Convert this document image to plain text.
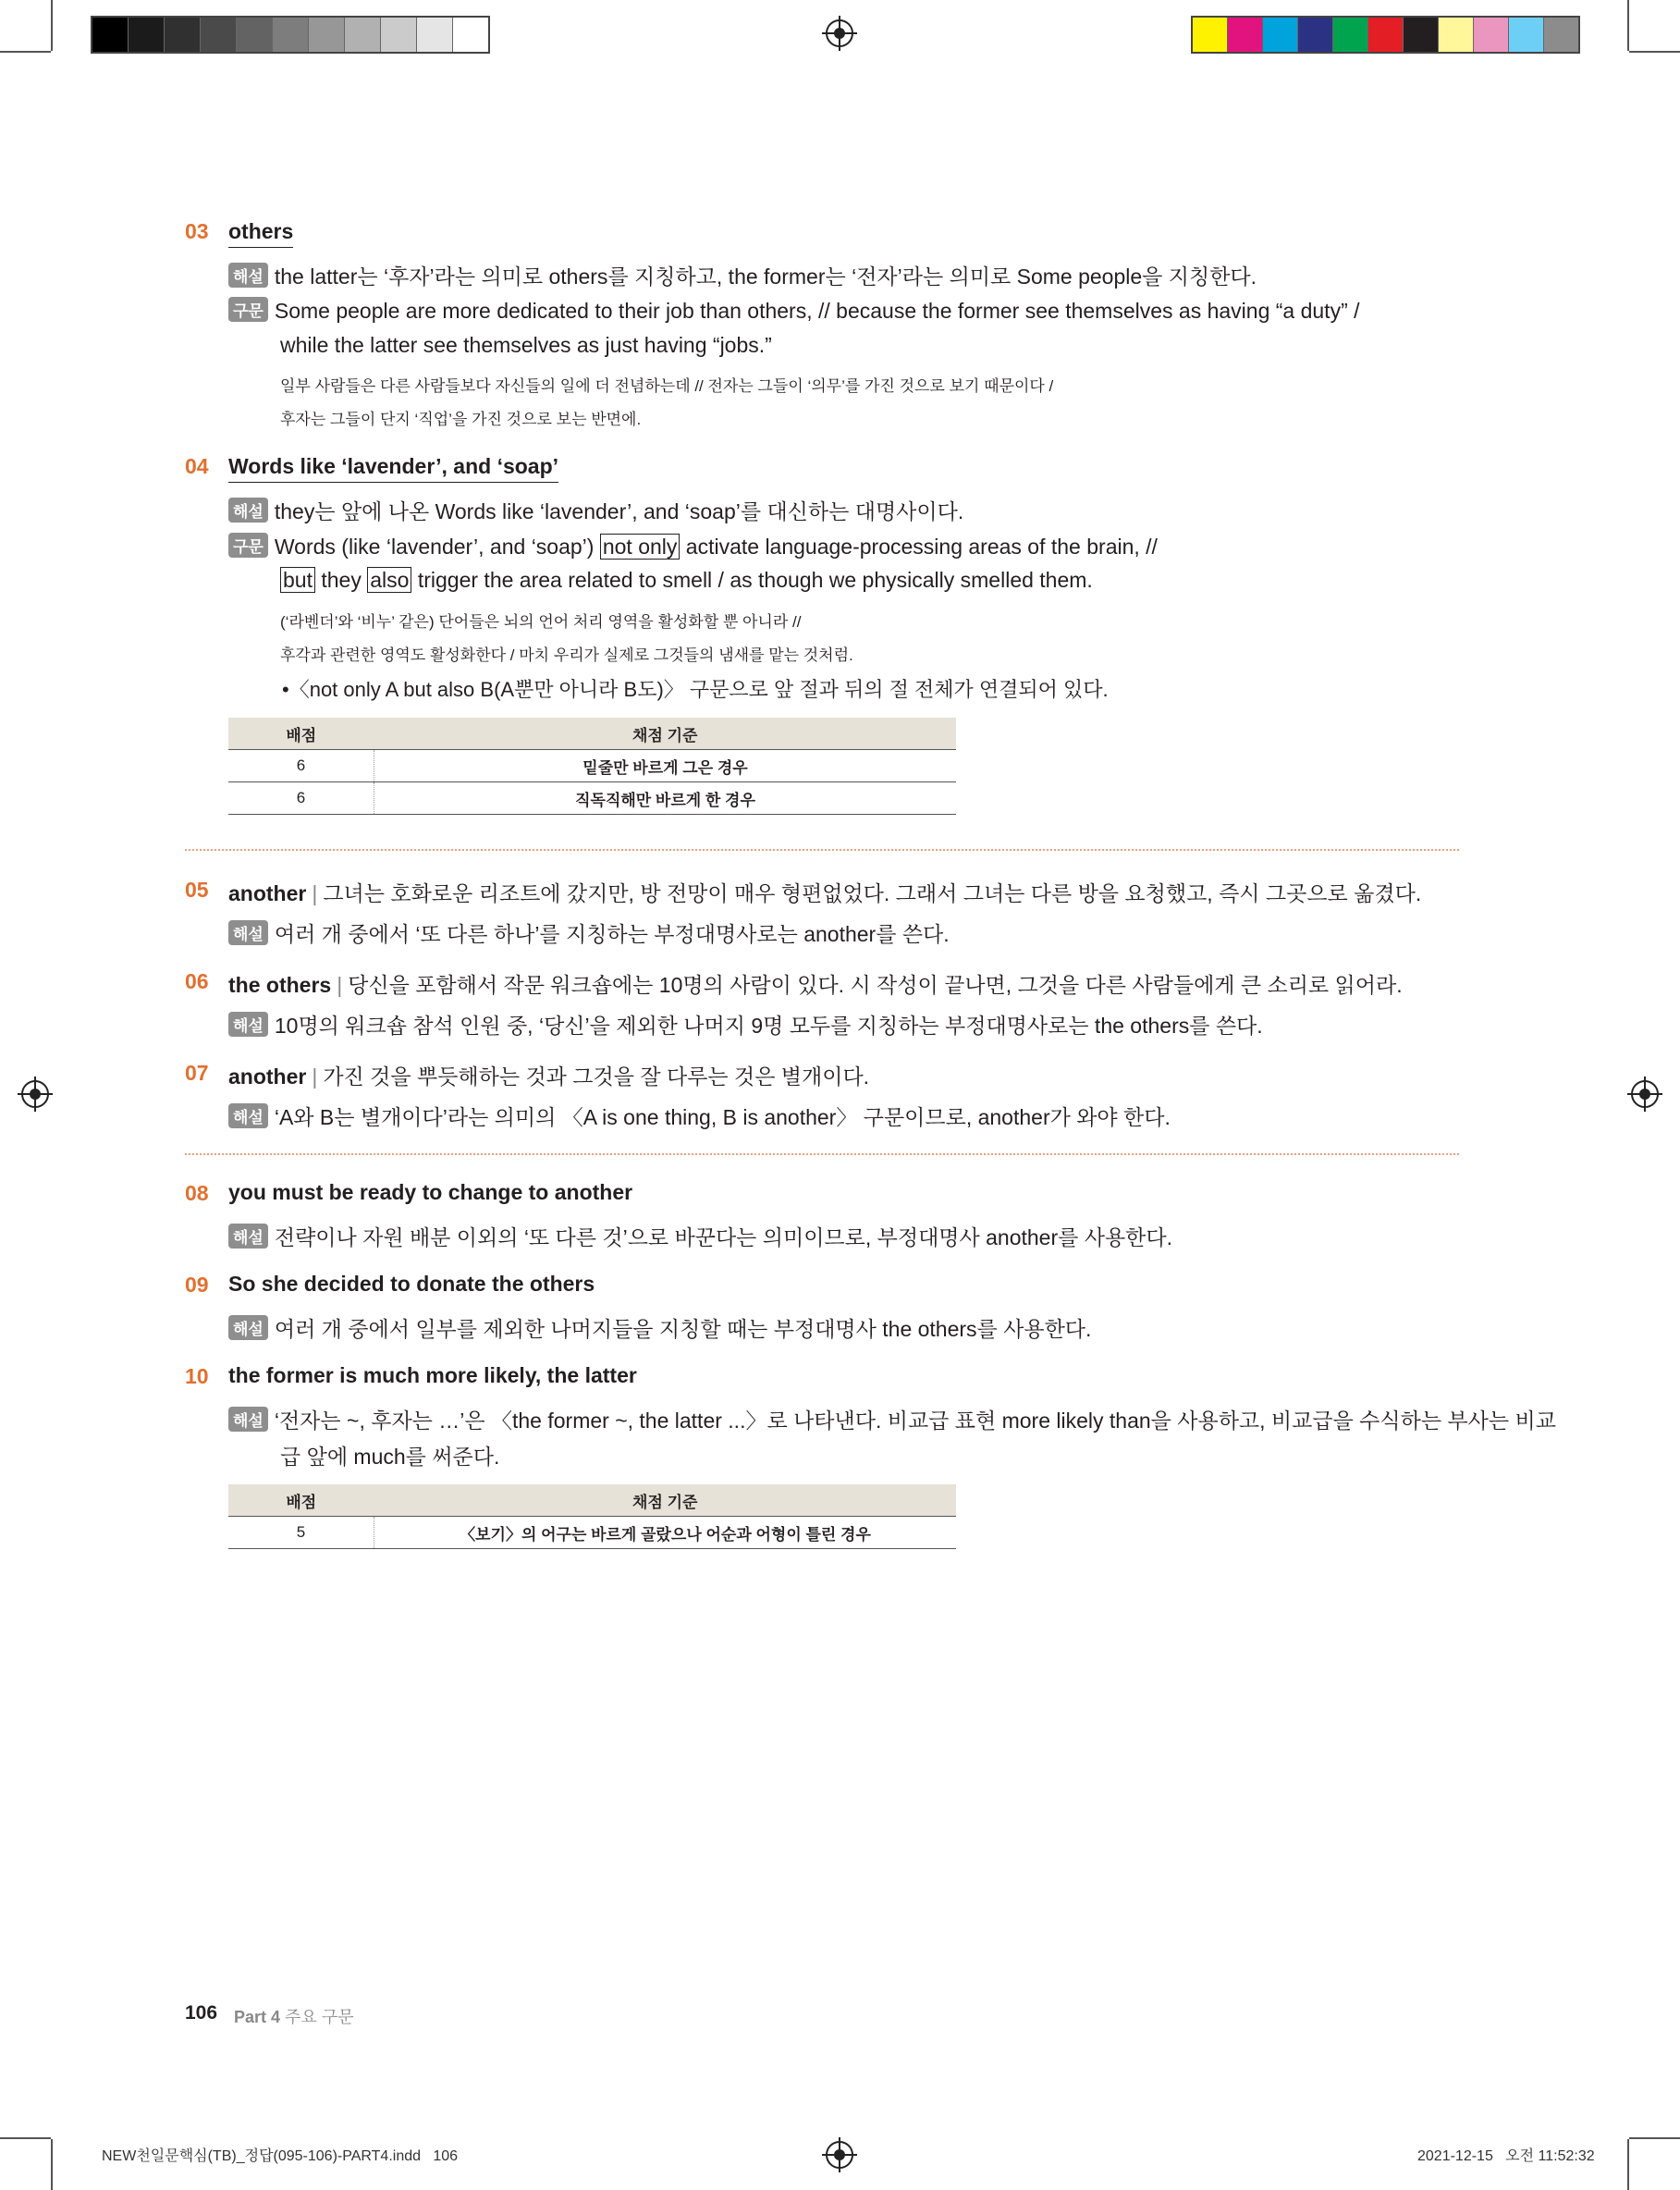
03 others
해설 the latter는 ‘후자’라는 의미로 others를 지칭하고, the former는 ‘전자’라는 의미로 Some people을 지칭한다.
구문 Some people are more dedicated to their job than others, // because the former see themselves as having “a duty” /
while the latter see themselves as just having “jobs.”
일부 사람들은 다른 사람들보다 자신들의 일에 더 전념하는데 // 전자는 그들이 ‘의무’를 가진 것으로 보기 때문이다 /
후자는 그들이 단지 ‘직업’을 가진 것으로 보는 반면에.
04 Words like ‘lavender’, and ‘soap’
해설 they는 앞에 나온 Words like ‘lavender’, and ‘soap’를 대신하는 대명사이다.
구문 Words (like ‘lavender’, and ‘soap’) not only activate language-processing areas of the brain, //
but they also trigger the area related to smell / as though we physically smelled them.
(‘라벤더’와 ‘비누’ 같은) 단어들은 뇌의 언어 처리 영역을 활성화할 뿐 아니라 //
후각과 관련한 영역도 활성화한다 / 마치 우리가 실제로 그것들의 냄새를 맡는 것처럼.
•〈not only A but also B(A뿐만 아니라 B도)〉 구문으로 앞 절과 뒤의 절 전체가 연결되어 있다.
배점	채점 기준
6	밑줄만 바르게 그은 경우
6	직독직해만 바르게 한 경우
05 another | 그녀는 호화로운 리조트에 갔지만, 방 전망이 매우 형편없었다. 그래서 그녀는 다른 방을 요청했고, 즉시 그곳으로 옮겼다.
해설 여러 개 중에서 ‘또 다른 하나’를 지칭하는 부정대명사로는 another를 쓴다.
06 the others | 당신을 포함해서 작문 워크숍에는 10명의 사람이 있다. 시 작성이 끝나면, 그것을 다른 사람들에게 큰 소리로 읽어라.
해설 10명의 워크숍 참석 인원 중, ‘당신’을 제외한 나머지 9명 모두를 지칭하는 부정대명사로는 the others를 쓴다.
07 another | 가진 것을 뿌듯해하는 것과 그것을 잘 다루는 것은 별개이다.
해설 ‘A와 B는 별개이다’라는 의미의 〈A is one thing, B is another〉 구문이므로, another가 와야 한다.
08 you must be ready to change to another
해설 전략이나 자원 배분 이외의 ‘또 다른 것’으로 바꾼다는 의미이므로, 부정대명사 another를 사용한다.
09 So she decided to donate the others
해설 여러 개 중에서 일부를 제외한 나머지들을 지칭할 때는 부정대명사 the others를 사용한다.
10 the former is much more likely, the latter
해설 ‘전자는 ~, 후자는 …’은 〈the former ~, the latter ...〉로 나타낸다. 비교급 표현 more likely than을 사용하고, 비교급을 수식하는 부사는 비교
급 앞에 much를 써준다.
배점	채점 기준
5	〈보기〉의 어구는 바르게 골랐으나 어순과 어형이 틀린 경우
106 Part 4 주요 구문
NEW천일문핵심(TB)_정답(095-106)-PART4.indd   106	2021-12-15   오전 11:52:32
